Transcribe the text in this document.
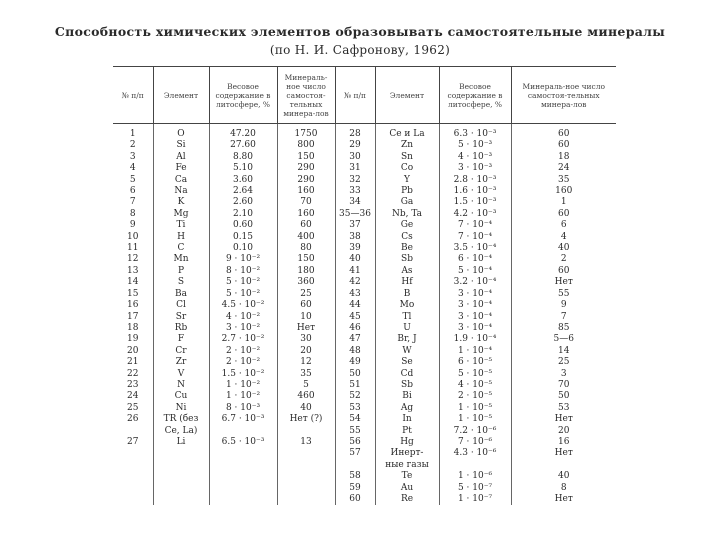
Способность химических элементов образовывать самостоятельные минералы
(по Н. И. Сафронову, 1962)
№ п/п	Элемент	Весовое содержание в литосфере, %	Минераль-ное число самостоя-тельных минера-лов	№ п/п	Элемент	Весовое содержание в литосфере, %	Минераль-ное число самостоя-тельных минера-лов
1	O	47.20	1750	28	Ce и La	6.3 · 10⁻³	60
2	Si	27.60	800	29	Zn	5 · 10⁻³	60
3	Al	8.80	150	30	Sn	4 · 10⁻³	18
4	Fe	5.10	290	31	Co	3 · 10⁻³	24
5	Ca	3.60	290	32	Y	2.8 · 10⁻³	35
6	Na	2.64	160	33	Pb	1.6 · 10⁻³	160
7	K	2.60	70	34	Ga	1.5 · 10⁻³	1
8	Mg	2.10	160	35—36	Nb, Ta	4.2 · 10⁻³	60
9	Ti	0.60	60	37	Ge	7 · 10⁻⁴	6
10	H	0.15	400	38	Cs	7 · 10⁻⁴	4
11	C	0.10	80	39	Be	3.5 · 10⁻⁴	40
12	Mn	9 · 10⁻²	150	40	Sb	6 · 10⁻⁴	2
13	P	8 · 10⁻²	180	41	As	5 · 10⁻⁴	60
14	S	5 · 10⁻²	360	42	Hf	3.2 · 10⁻⁴	Нет
15	Ba	5 · 10⁻²	25	43	B	3 · 10⁻⁴	55
16	Cl	4.5 · 10⁻²	60	44	Mo	3 · 10⁻⁴	9
17	Sr	4 · 10⁻²	10	45	Tl	3 · 10⁻⁴	7
18	Rb	3 · 10⁻²	Нет	46	U	3 · 10⁻⁴	85
19	F	2.7 · 10⁻²	30	47	Br, J	1.9 · 10⁻⁴	5—6
20	Cr	2 · 10⁻²	20	48	W	1 · 10⁻⁴	14
21	Zr	2 · 10⁻²	12	49	Se	6 · 10⁻⁵	25
22	V	1.5 · 10⁻²	35	50	Cd	5 · 10⁻⁵	3
23	N	1 · 10⁻²	5	51	Sb	4 · 10⁻⁵	70
24	Cu	1 · 10⁻²	460	52	Bi	2 · 10⁻⁵	50
25	Ni	8 · 10⁻³	40	53	Ag	1 · 10⁻⁵	53
26	TR (без	6.7 · 10⁻³	Нет (?)	54	In	1 · 10⁻⁵	Нет
	Ce, La)			55	Pt	7.2 · 10⁻⁶	20
27	Li	6.5 · 10⁻³	13	56	Hg	7 · 10⁻⁶	16
				57	Инерт-	4.3 · 10⁻⁶	Нет
					ные газы		
				58	Te	1 · 10⁻⁶	40
				59	Au	5 · 10⁻⁷	8
				60	Re	1 · 10⁻⁷	Нет
